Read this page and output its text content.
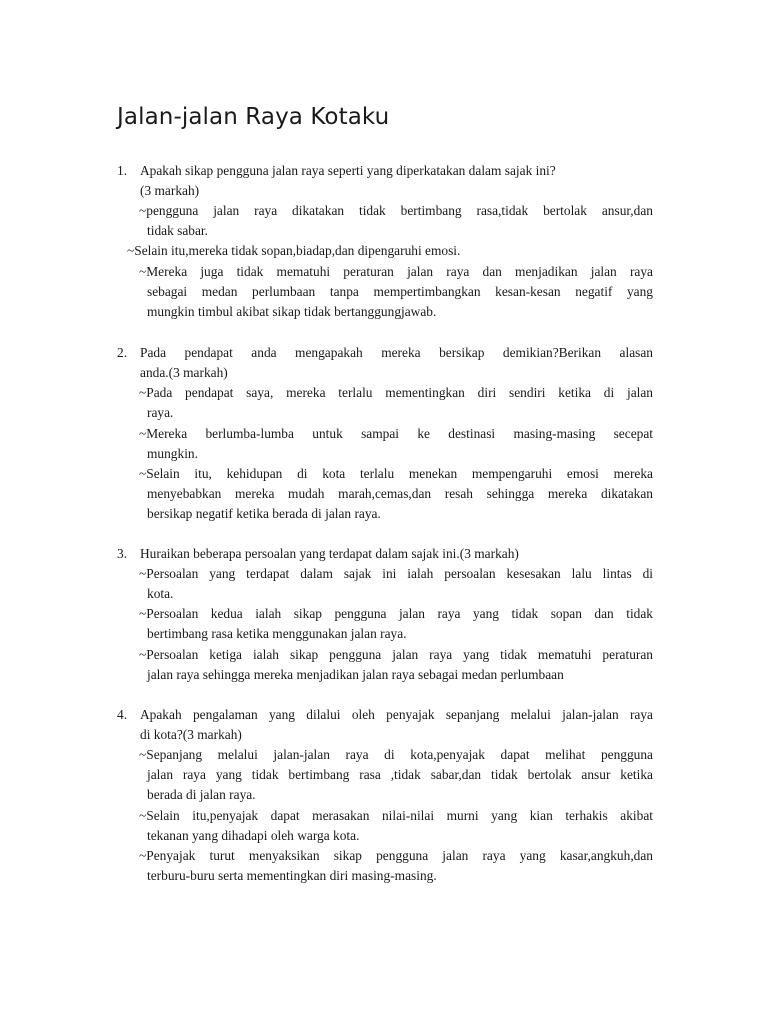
Jalan-jalan Raya Kotaku
1. Apakah sikap pengguna jalan raya seperti yang diperkatakan dalam sajak ini?
(3 markah)
~pengguna jalan raya dikatakan tidak bertimbang rasa,tidak bertolak ansur,dan
tidak sabar.
~Selain itu,mereka tidak sopan,biadap,dan dipengaruhi emosi.
~Mereka juga tidak mematuhi peraturan jalan raya dan menjadikan jalan raya
sebagai medan perlumbaan tanpa mempertimbangkan kesan-kesan negatif yang
mungkin timbul akibat sikap tidak bertanggungjawab.
2. Pada pendapat anda mengapakah mereka bersikap demikian?Berikan alasan
anda.(3 markah)
~Pada pendapat saya, mereka terlalu mementingkan diri sendiri ketika di jalan
raya.
~Mereka berlumba-lumba untuk sampai ke destinasi masing-masing secepat
mungkin.
~Selain itu, kehidupan di kota terlalu menekan mempengaruhi emosi mereka
menyebabkan mereka mudah marah,cemas,dan resah sehingga mereka dikatakan
bersikap negatif ketika berada di jalan raya.
3. Huraikan beberapa persoalan yang terdapat dalam sajak ini.(3 markah)
~Persoalan yang terdapat dalam sajak ini ialah persoalan kesesakan lalu lintas di
kota.
~Persoalan kedua ialah sikap pengguna jalan raya yang tidak sopan dan tidak
bertimbang rasa ketika menggunakan jalan raya.
~Persoalan ketiga ialah sikap pengguna jalan raya yang tidak mematuhi peraturan
jalan raya sehingga mereka menjadikan jalan raya sebagai medan perlumbaan
4. Apakah pengalaman yang dilalui oleh penyajak sepanjang melalui jalan-jalan raya
di kota?(3 markah)
~Sepanjang melalui jalan-jalan raya di kota,penyajak dapat melihat pengguna
jalan raya yang tidak bertimbang rasa ,tidak sabar,dan tidak bertolak ansur ketika
berada di jalan raya.
~Selain itu,penyajak dapat merasakan nilai-nilai murni yang kian terhakis akibat
tekanan yang dihadapi oleh warga kota.
~Penyajak turut menyaksikan sikap pengguna jalan raya yang kasar,angkuh,dan
terburu-buru serta mementingkan diri masing-masing.
